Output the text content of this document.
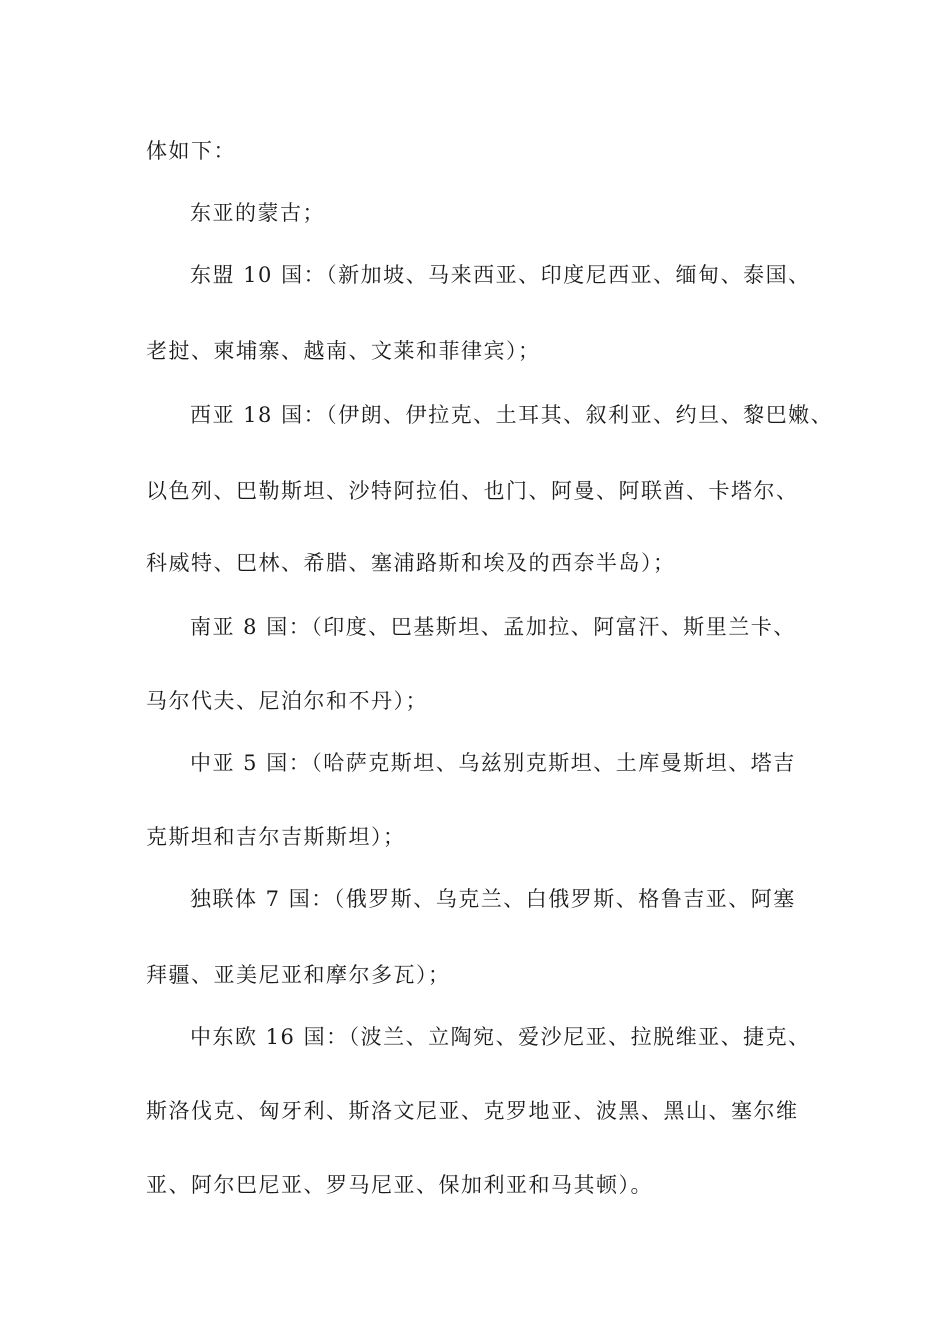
体如下：
东亚的蒙古；
东盟 10 国：（新加坡、马来西亚、印度尼西亚、缅甸、泰国、
老挝、柬埔寨、越南、文莱和菲律宾）；
西亚 18 国：（伊朗、伊拉克、土耳其、叙利亚、约旦、黎巴嫩、
以色列、巴勒斯坦、沙特阿拉伯、也门、阿曼、阿联酋、卡塔尔、
科威特、巴林、希腊、塞浦路斯和埃及的西奈半岛）；
南亚 8 国：（印度、巴基斯坦、孟加拉、阿富汗、斯里兰卡、
马尔代夫、尼泊尔和不丹）；
中亚 5 国：（哈萨克斯坦、乌兹别克斯坦、土库曼斯坦、塔吉
克斯坦和吉尔吉斯斯坦）；
独联体 7 国：（俄罗斯、乌克兰、白俄罗斯、格鲁吉亚、阿塞
拜疆、亚美尼亚和摩尔多瓦）；
中东欧 16 国：（波兰、立陶宛、爱沙尼亚、拉脱维亚、捷克、
斯洛伐克、匈牙利、斯洛文尼亚、克罗地亚、波黑、黑山、塞尔维
亚、阿尔巴尼亚、罗马尼亚、保加利亚和马其顿）。
